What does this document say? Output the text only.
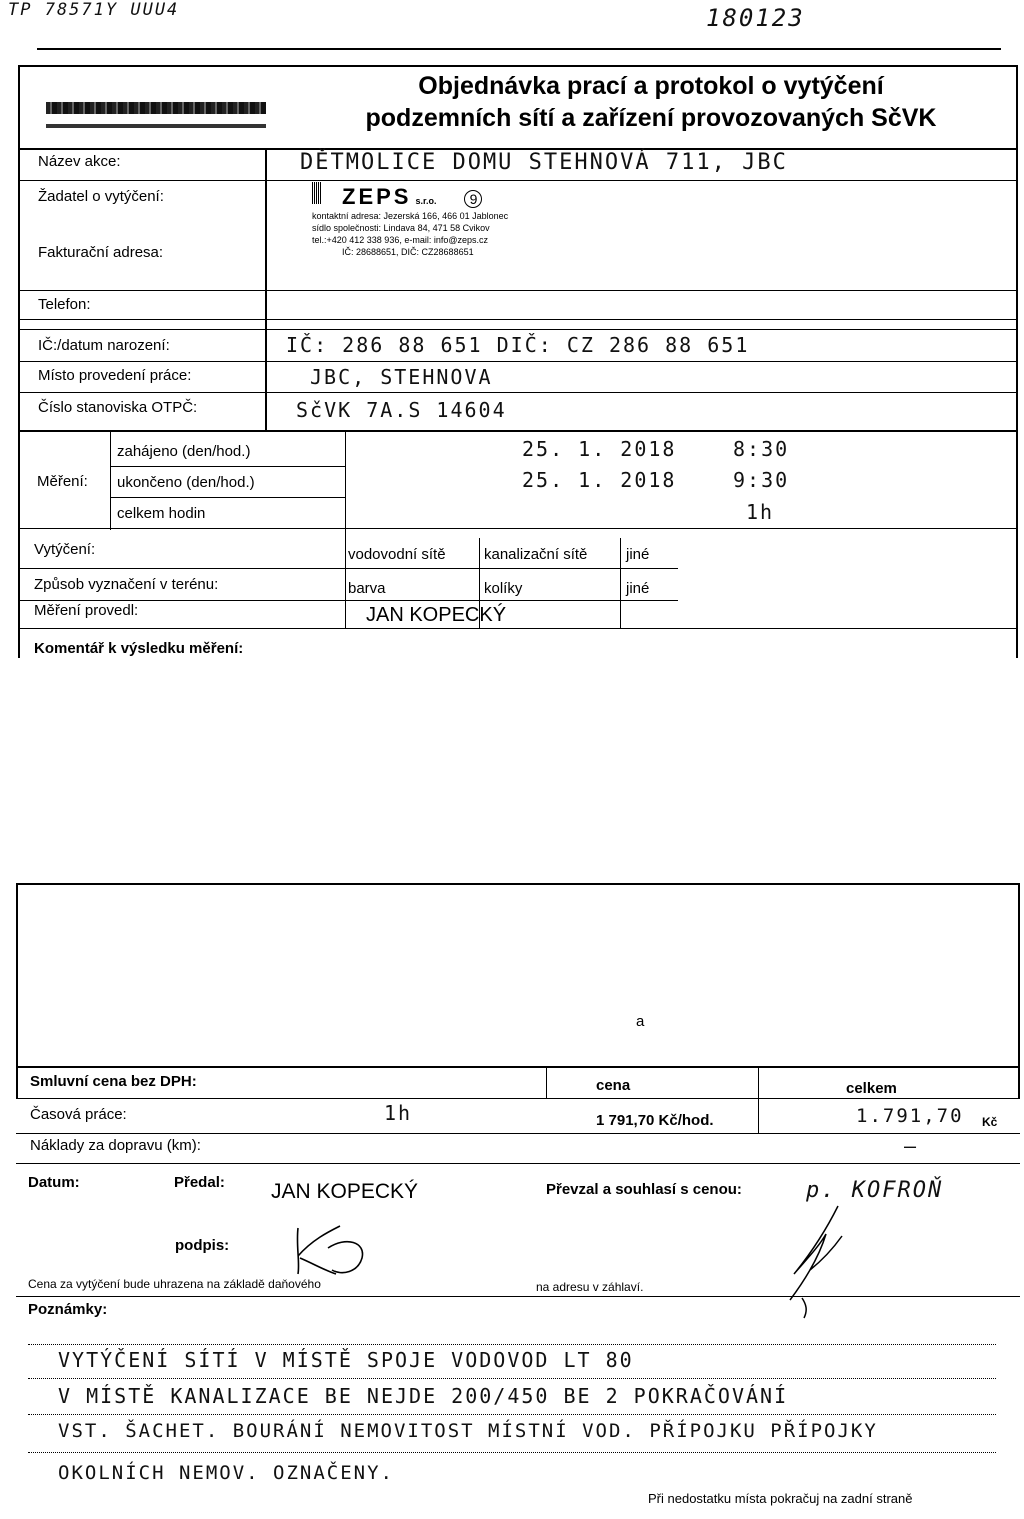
TP 78571Y UUU4	180123
Objednávka prací a protokol o vytýčení
podzemních sítí a zařízení provozovaných SčVK
Název akce:	DĚTMOLICE DOMU STEHNOVÁ 711, JBC
Žadatel o vytýčení:	ZEPS s.r.o.	9
kontaktní adresa: Jezerská 166, 466 01 Jablonec
sídlo společnosti: Lindava 84, 471 58 Cvikov
tel.:+420 412 338 936, e-mail: info@zeps.cz
IČ: 28688651, DIČ: CZ28688651
Fakturační adresa:
Telefon:
IČ:/datum narození:	IČ: 286 88 651 DIČ: CZ 286 88 651
Místo provedení práce:	JBC, STEHNOVA
Číslo stanoviska OTPČ:	SčVK 7A.S 14604
Měření:
zahájeno (den/hod.)	25. 1. 2018	8:30
ukončeno (den/hod.)	25. 1. 2018	9:30
celkem hodin	1h
Vytýčení:	vodovodní sítě	kanalizační sítě	jiné
Způsob vyznačení v terénu:	barva	kolíky	jiné
Měření provedl:	JAN KOPECKÝ
Komentář k výsledku měření:
a
Smluvní cena bez DPH:	cena	celkem
Časová práce:	1h	1 791,70 Kč/hod.	1.791,70 Kč
Náklady za dopravu (km):	—
Datum:	Předal: JAN KOPECKÝ	Převzal a souhlasí s cenou:	p. KOFROŇ
podpis:
Cena za vytýčení bude uhrazena na základě daňového	na adresu v záhlaví.
Poznámky:
VYTÝČENÍ SÍTÍ V MÍSTĚ SPOJE VODOVOD LT 80
V MÍSTĚ KANALIZACE BE NEJDE 200/450 BE 2 POKRAČOVÁNÍ
VST. ŠACHET. BOURÁNÍ NEMOVITOST MÍSTNÍ VOD. PŘÍPOJKU PŘÍPOJKY
OKOLNÍCH NEMOV. OZNAČENY.
Při nedostatku místa pokračuj na zadní straně
